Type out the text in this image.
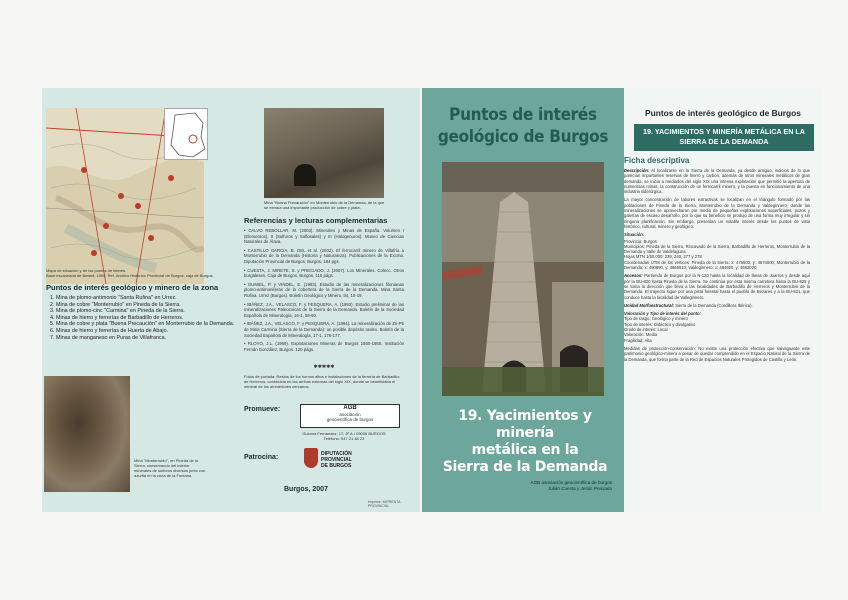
Mapa de situación y de los puntos de interés.
Base escaneada de Bowell, 1900. Ref. Archivo Histórico Provincial de Burgos, caja de Burgos.
Puntos de interés geológico y minero de la zona
1. Mina de plomo-antimonio "Santa Rufina" en Urrez.
2. Mina de cobre "Monterrubio" en Pineda de la Sierra.
3. Mina de plomo-cinc "Carmina" en Pineda de la Sierra.
4. Minas de hierro y ferrerías de Barbadillo de Herreros.
5. Mina de cobre y plata "Buena Precaución" en Monterrubio de la Demanda.
6. Minas de hierro y ferrerías de Huerta de Abajo.
7. Minas de manganeso en Puras de Villafranca.
Mina "Monterrubio", en Pineda de la Sierra, conservando del interior minerales de sulfuros diversos junto con azurita en la zona de la Fontana.
Mina "Buena Precaución" en Monterrubio de la Demanda, de la que se extraía una importante producción de cobre y plata.
Referencias y lecturas complementarias
• CALVO REBOLLAR, M. (2003). Minerales y Minas de España. Volumen I (Elementos), II (Sulfuros y Sulfosales) y III (Halogenuros). Museo de Ciencias Naturales de Álava.
• CASTILLO GARCÍA, B. DEL et al. (2002). El ferrocarril minero de Villafría a Monterrubio de la Demanda (Historia y Naturaleza). Publicaciones de la Excma. Diputación Provincial de Burgos, Burgos, 184 pgs.
• CUESTA, J. MIRETE, S. y PRECIADO, J. (2007). Los Minerales. Colecc. Otros burgaleses. Caja de Burgos, Burgos, 110 págs.
• GUMIEL, P. y VINDEL, E. (1983). Estudio de las mineralizaciones filonianas plomo-antimoniferas de la cobertera de la Sierra de la Demanda. Mina Santa Rufina. Urrez (Burgos). Boletín Geológico y Minero, 94, 10-19.
• IBÁÑEZ, J.A., VELASCO, F. y PESQUERA, A. (1993). Estudio preliminar de las mineralizaciones Paleozoicas de la Sierra de la Demanda. Boletín de la Sociedad Española de Mineralogía, 16-1, 59-60.
• IBÁÑEZ, J.A., VELASCO, F. y PESQUERA, A. (1994). La mineralización de Zn-Pb de Mina Carmina (Sierra de la Demanda): un posible depósito sedex. Boletín de la Sociedad Española de Mineralogía, 17-1, 176-177.
• RLOYO, J.L. (1969). Explotaciones Mineras de Burgos 1850-1950. Institución Fernán González, Burgos. 120 págs.
✱✱✱✱✱
Fotos de portada: Restos de los hornos altos e instalaciones de la ferrería de Barbadillo de Herreros, construida en las arribas externas del siglo XIX, donde se beneficiaba el mineral de los alrededores cercanos.
Promueve:	AGB
asociación
geocientífica de burgos
Guloma Fernández, 17, 6º A • 09006 BURGOS
Teléfono: 947 21 48 23
Patrocina:	DIPUTACIÓN
PROVINCIAL
DE BURGOS
Burgos, 2007
Imprime: IMPRENTA PROVINCIAL
Puntos de interés
geológico de Burgos
19. Yacimientos y minería
metálica en la
Sierra de la Demanda
AGB asociación geocientífica de burgos
Julián Cuesta y Jesús Preciado
Puntos de interés geológico de Burgos
19. YACIMIENTOS Y MINERÍA METÁLICA EN LA SIERRA DE LA DEMANDA
Ficha descriptiva

Descripción: Al localizarse en la Sierra de la Demanda, ya desde antiguo, indicios de lo que parecían importantes reservas de hierro y carbón, además de otros minerales metálicos de gran demanda, se inicia a mediados del siglo XIX una intensa explotación que permitió la apertura de numerosas minas, la construcción de un ferrocarril minero, y la puesta en funcionamiento de una industria siderúrgica.

La mayor concentración de labores extractivas se localizan en el triángulo formado por las poblaciones de Pineda de la Sierra, Monterrubio de la Demanda y Valdeginnero, donde las mineralizaciones se aprovecharon por medio de pequeñas explotaciones superficiales, pozos y galerías de escaso desarrollo, por lo que su beneficio se produjo de una forma muy irregular y sin ninguna planificación. Sin embargo, presentan un notable interés desde los puntos de vista histórico, cultural, minero y geológico.

Situación:

Provincia: Burgos
Municipios: Pineda de la Sierra, Riocavado de la Sierra, Barbadillo de Herreros, Monterrubio de la Demanda y Valle de Valdelaguna.
Hojas MTN 1/50.000: 239, 240, 277 y 278

Coordenadas UTM de los vértices: Pineda de la Sierra: x: 475500, y: 4674000; Monterrubio de la Demanda: x: 490890, y: 4666510; Valdeginnero: x: 484920, y: 4663020.

Accesos: Partiendo de Burgos por la N-120 hasta la localidad de Ibeas de Juarros y desde aquí por la BU-820 hasta Pineda de la Sierra. Se continúa por esta misma carretera hasta la BU-825 y se toma la dirección que lleva a las localidades de Barbadillo de Herreros y Monterrubio de la Demanda. El trayecto sigue por una pista forestal hasta el pueblo de Bezares y a la BU-821, que conduce hasta la localidad de Valleginnero.

Unidad Morfoestructural: Sierra de la Demanda (Cordillera Ibérica).

Valoración y Tipo de interés del punto:
Tipo de rasgo: Geológico y minero
Tipo de interés: Didáctico y divulgativo
Grado de interés: Local
Valoración: Media

Fragilidad: Alta

Medidas de protección-conservación: No existe una protección efectiva que salvaguarde este patrimonio geológico-minero a pesar de quedar comprendido en el Espacio Natural de la Sierra de la Demanda, que forma parte de la Red de Espacios Naturales Protegidos de Castilla y León.
